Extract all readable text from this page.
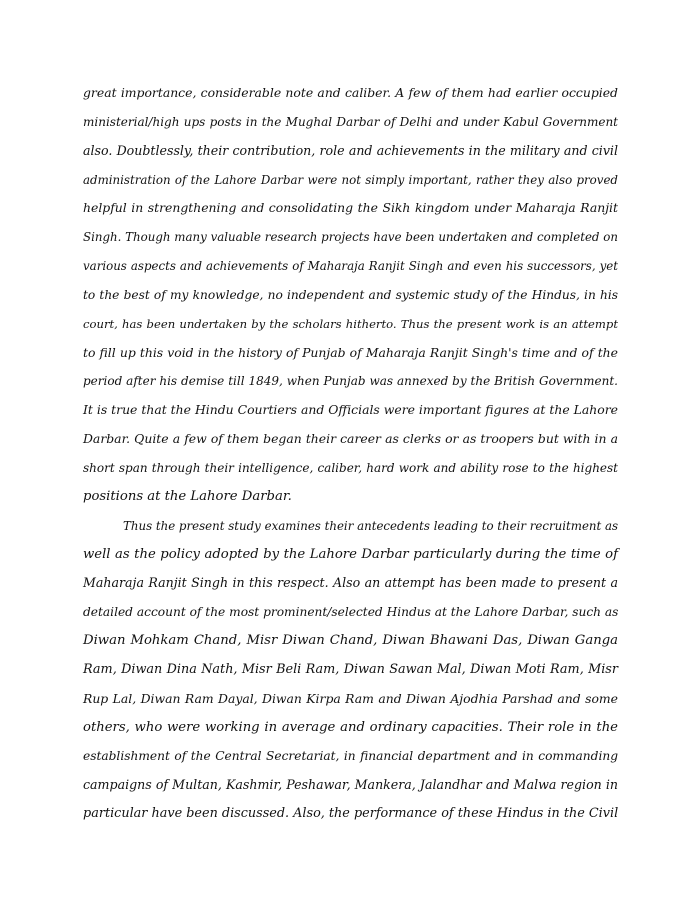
great importance, considerable note and caliber. A few of them had earlier occupied
ministerial/high ups posts in the Mughal Darbar of Delhi and under Kabul Government
also. Doubtlessly, their contribution, role and achievements in the military and civil
administration of the Lahore Darbar were not simply important, rather they also proved
helpful in strengthening and consolidating the Sikh kingdom under Maharaja Ranjit
Singh. Though many valuable research projects have been undertaken and completed on
various aspects and achievements of Maharaja Ranjit Singh and even his successors, yet
to the best of my knowledge, no independent and systemic study of the Hindus, in his
court, has been undertaken by the scholars hitherto. Thus the present work is an attempt
to fill up this void in the history of Punjab of Maharaja Ranjit Singh's time and of the
period after his demise till 1849, when Punjab was annexed by the British Government.
It is true that the Hindu Courtiers and Officials were important figures at the Lahore
Darbar. Quite a few of them began their career as clerks or as troopers but with in a
short span through their intelligence, caliber, hard work and ability rose to the highest
positions at the Lahore Darbar.
Thus the present study examines their antecedents leading to their recruitment as
well as the policy adopted by the Lahore Darbar particularly during the time of
Maharaja Ranjit Singh in this respect. Also an attempt has been made to present a
detailed account of the most prominent/selected Hindus at the Lahore Darbar, such as
Diwan Mohkam Chand, Misr Diwan Chand, Diwan Bhawani Das, Diwan Ganga
Ram, Diwan Dina Nath, Misr Beli Ram, Diwan Sawan Mal, Diwan Moti Ram, Misr
Rup Lal, Diwan Ram Dayal, Diwan Kirpa Ram and Diwan Ajodhia Parshad and some
others, who were working in average and ordinary capacities. Their role in the
establishment of the Central Secretariat, in financial department and in commanding
campaigns of Multan, Kashmir, Peshawar, Mankera, Jalandhar and Malwa region in
particular have been discussed. Also, the performance of these Hindus in the Civil
